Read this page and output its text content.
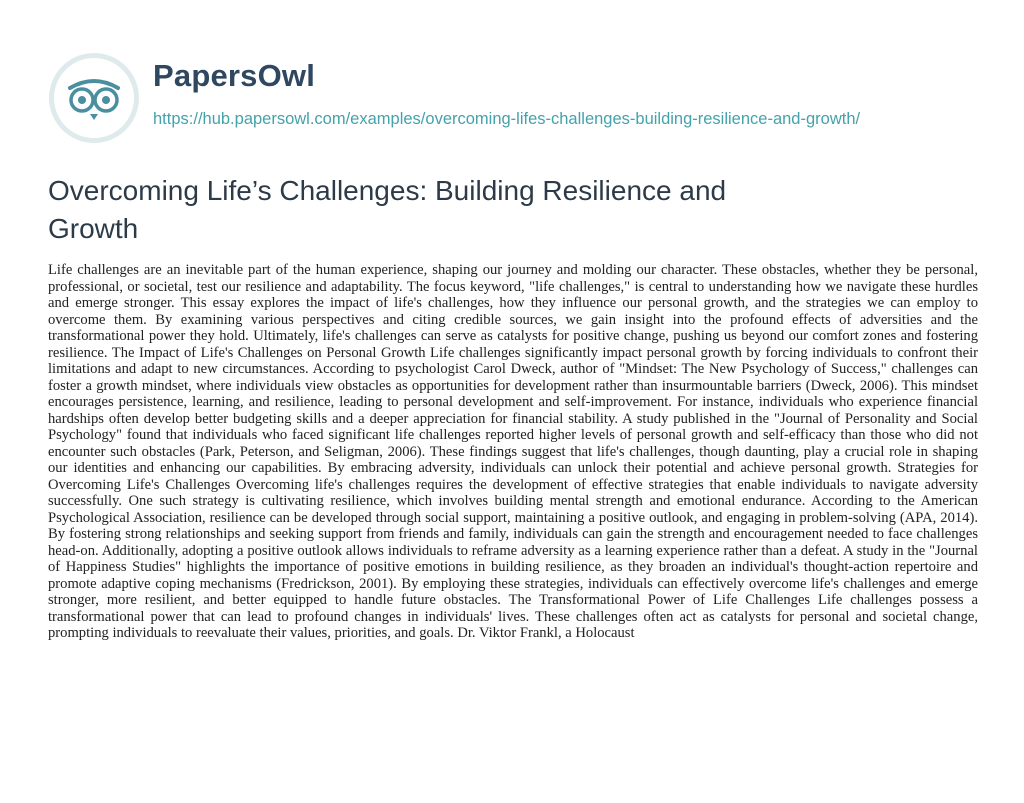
PapersOwl
https://hub.papersowl.com/examples/overcoming-lifes-challenges-building-resilience-and-growth/
Overcoming Life’s Challenges: Building Resilience and Growth

Life challenges are an inevitable part of the human experience, shaping our journey and molding our character. These obstacles, whether they be personal, professional, or societal, test our resilience and adaptability. The focus keyword, "life challenges," is central to understanding how we navigate these hurdles and emerge stronger. This essay explores the impact of life's challenges, how they influence our personal growth, and the strategies we can employ to overcome them. By examining various perspectives and citing credible sources, we gain insight into the profound effects of adversities and the transformational power they hold. Ultimately, life's challenges can serve as catalysts for positive change, pushing us beyond our comfort zones and fostering resilience. The Impact of Life's Challenges on Personal Growth Life challenges significantly impact personal growth by forcing individuals to confront their limitations and adapt to new circumstances. According to psychologist Carol Dweck, author of "Mindset: The New Psychology of Success," challenges can foster a growth mindset, where individuals view obstacles as opportunities for development rather than insurmountable barriers (Dweck, 2006). This mindset encourages persistence, learning, and resilience, leading to personal development and self-improvement. For instance, individuals who experience financial hardships often develop better budgeting skills and a deeper appreciation for financial stability. A study published in the "Journal of Personality and Social Psychology" found that individuals who faced significant life challenges reported higher levels of personal growth and self-efficacy than those who did not encounter such obstacles (Park, Peterson, and Seligman, 2006). These findings suggest that life's challenges, though daunting, play a crucial role in shaping our identities and enhancing our capabilities. By embracing adversity, individuals can unlock their potential and achieve personal growth. Strategies for Overcoming Life's Challenges Overcoming life's challenges requires the development of effective strategies that enable individuals to navigate adversity successfully. One such strategy is cultivating resilience, which involves building mental strength and emotional endurance. According to the American Psychological Association, resilience can be developed through social support, maintaining a positive outlook, and engaging in problem-solving (APA, 2014). By fostering strong relationships and seeking support from friends and family, individuals can gain the strength and encouragement needed to face challenges head-on. Additionally, adopting a positive outlook allows individuals to reframe adversity as a learning experience rather than a defeat. A study in the "Journal of Happiness Studies" highlights the importance of positive emotions in building resilience, as they broaden an individual's thought-action repertoire and promote adaptive coping mechanisms (Fredrickson, 2001). By employing these strategies, individuals can effectively overcome life's challenges and emerge stronger, more resilient, and better equipped to handle future obstacles. The Transformational Power of Life Challenges Life challenges possess a transformational power that can lead to profound changes in individuals' lives. These challenges often act as catalysts for personal and societal change, prompting individuals to reevaluate their values, priorities, and goals. Dr. Viktor Frankl, a Holocaust
